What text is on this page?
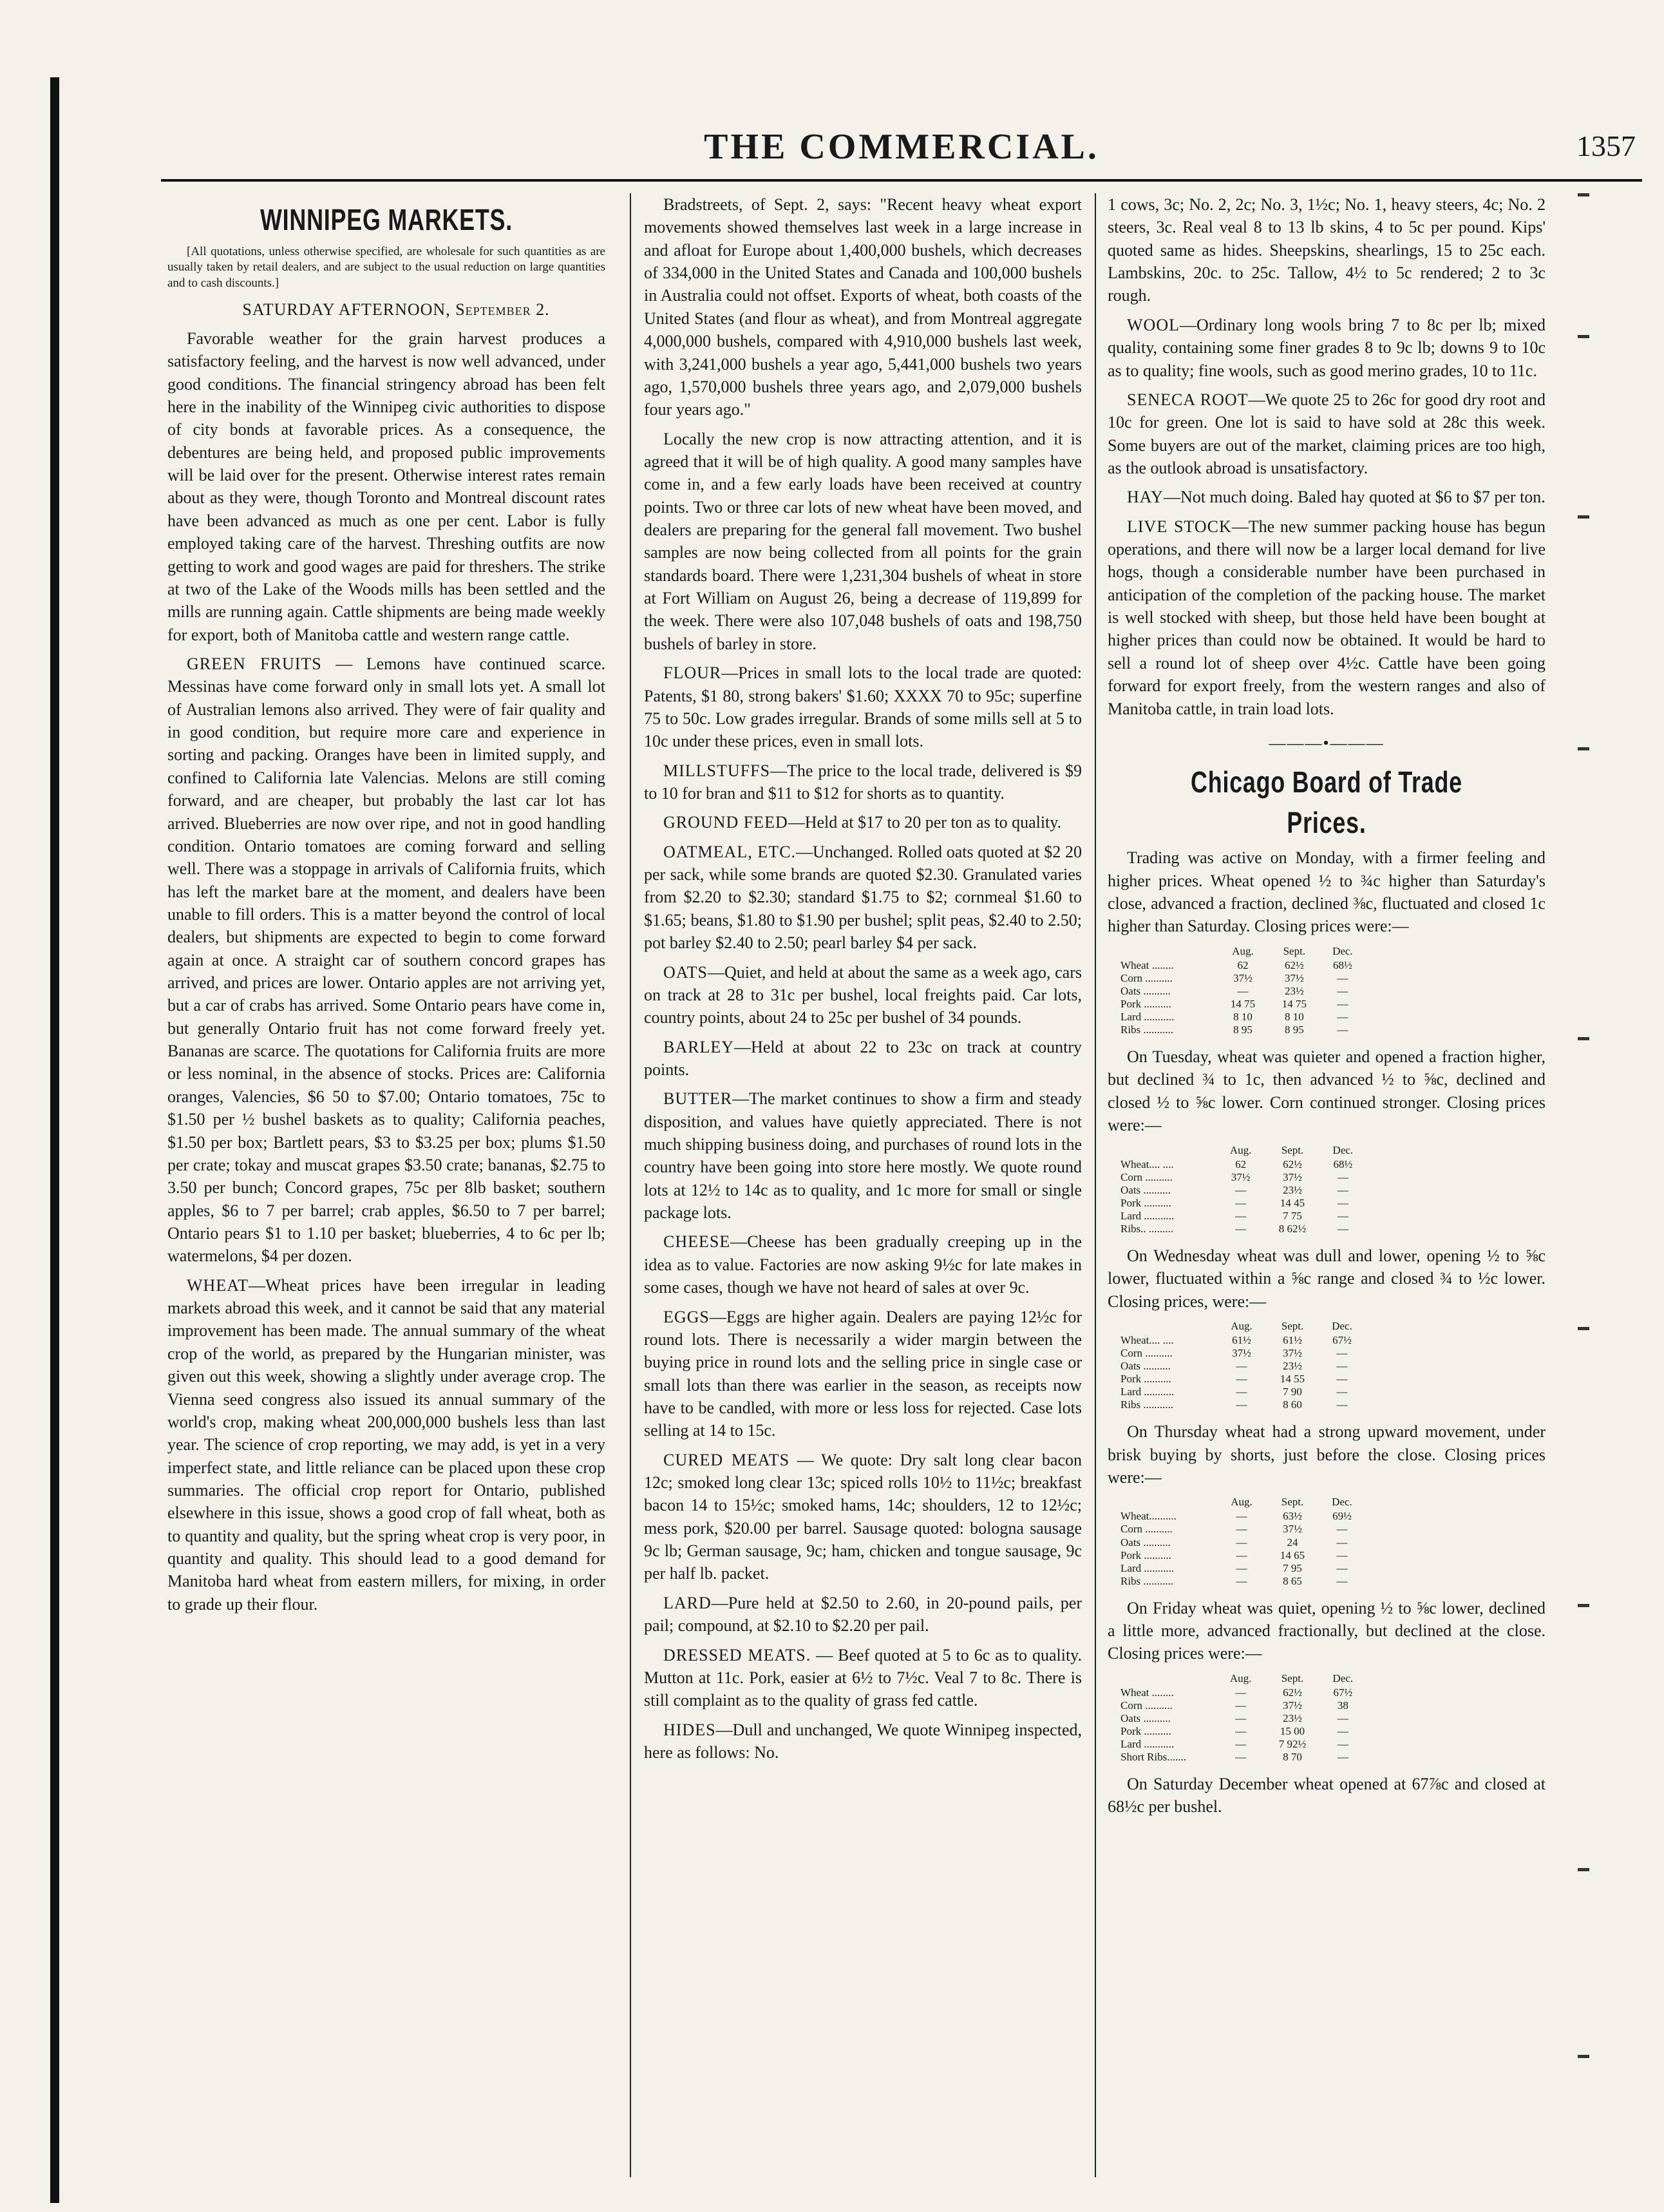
THE COMMERCIAL.	1357
WINNIPEG MARKETS.

[All quotations, unless otherwise specified, are wholesale for such quantities as are usually taken by retail dealers, and are subject to the usual reduction on large quantities and to cash discounts.]

SATURDAY AFTERNOON, September 2.

Favorable weather for the grain harvest produces a satisfactory feeling, and the harvest is now well advanced, under good conditions. The financial stringency abroad has been felt here in the inability of the Winnipeg civic authorities to dispose of city bonds at favorable prices. As a consequence, the debentures are being held, and proposed public improvements will be laid over for the present. Otherwise interest rates remain about as they were, though Toronto and Montreal discount rates have been advanced as much as one per cent. Labor is fully employed taking care of the harvest. Threshing outfits are now getting to work and good wages are paid for threshers. The strike at two of the Lake of the Woods mills has been settled and the mills are running again. Cattle shipments are being made weekly for export, both of Manitoba cattle and western range cattle.

GREEN FRUITS — Lemons have continued scarce. Messinas have come forward only in small lots yet. A small lot of Australian lemons also arrived. They were of fair quality and in good condition, but require more care and experience in sorting and packing. Oranges have been in limited supply, and confined to California late Valencias. Melons are still coming forward, and are cheaper, but probably the last car lot has arrived. Blueberries are now over ripe, and not in good handling condition. Ontario tomatoes are coming forward and selling well. There was a stoppage in arrivals of California fruits, which has left the market bare at the moment, and dealers have been unable to fill orders. This is a matter beyond the control of local dealers, but shipments are expected to begin to come forward again at once. A straight car of southern concord grapes has arrived, and prices are lower. Ontario apples are not arriving yet, but a car of crabs has arrived. Some Ontario pears have come in, but generally Ontario fruit has not come forward freely yet. Bananas are scarce. The quotations for California fruits are more or less nominal, in the absence of stocks. Prices are: California oranges, Valencies, $6 50 to $7.00; Ontario tomatoes, 75c to $1.50 per ½ bushel baskets as to quality; California peaches, $1.50 per box; Bartlett pears, $3 to $3.25 per box; plums $1.50 per crate; tokay and muscat grapes $3.50 crate; bananas, $2.75 to 3.50 per bunch; Concord grapes, 75c per 8lb basket; southern apples, $6 to 7 per barrel; crab apples, $6.50 to 7 per barrel; Ontario pears $1 to 1.10 per basket; blueberries, 4 to 6c per lb; watermelons, $4 per dozen.

WHEAT—Wheat prices have been irregular in leading markets abroad this week, and it cannot be said that any material improvement has been made. The annual summary of the wheat crop of the world, as prepared by the Hungarian minister, was given out this week, showing a slightly under average crop. The Vienna seed congress also issued its annual summary of the world's crop, making wheat 200,000,000 bushels less than last year. The science of crop reporting, we may add, is yet in a very imperfect state, and little reliance can be placed upon these crop summaries. The official crop report for Ontario, published elsewhere in this issue, shows a good crop of fall wheat, both as to quantity and quality, but the spring wheat crop is very poor, in quantity and quality. This should lead to a good demand for Manitoba hard wheat from eastern millers, for mixing, in order to grade up their flour.

Bradstreets, of Sept. 2, says: "Recent heavy wheat export movements showed themselves last week in a large increase in and afloat for Europe about 1,400,000 bushels, which decreases of 334,000 in the United States and Canada and 100,000 bushels in Australia could not offset. Exports of wheat, both coasts of the United States (and flour as wheat), and from Montreal aggregate 4,000,000 bushels, compared with 4,910,000 bushels last week, with 3,241,000 bushels a year ago, 5,441,000 bushels two years ago, 1,570,000 bushels three years ago, and 2,079,000 bushels four years ago."

Locally the new crop is now attracting attention, and it is agreed that it will be of high quality. A good many samples have come in, and a few early loads have been received at country points. Two or three car lots of new wheat have been moved, and dealers are preparing for the general fall movement. Two bushel samples are now being collected from all points for the grain standards board. There were 1,231,304 bushels of wheat in store at Fort William on August 26, being a decrease of 119,899 for the week. There were also 107,048 bushels of oats and 198,750 bushels of barley in store.

FLOUR—Prices in small lots to the local trade are quoted: Patents, $1 80, strong bakers' $1.60; XXXX 70 to 95c; superfine 75 to 50c. Low grades irregular. Brands of some mills sell at 5 to 10c under these prices, even in small lots.

MILLSTUFFS—The price to the local trade, delivered is $9 to 10 for bran and $11 to $12 for shorts as to quantity.

GROUND FEED—Held at $17 to 20 per ton as to quality.

OATMEAL, ETC.—Unchanged. Rolled oats quoted at $2 20 per sack, while some brands are quoted $2.30. Granulated varies from $2.20 to $2.30; standard $1.75 to $2; cornmeal $1.60 to $1.65; beans, $1.80 to $1.90 per bushel; split peas, $2.40 to 2.50; pot barley $2.40 to 2.50; pearl barley $4 per sack.

OATS—Quiet, and held at about the same as a week ago, cars on track at 28 to 31c per bushel, local freights paid. Car lots, country points, about 24 to 25c per bushel of 34 pounds.

BARLEY—Held at about 22 to 23c on track at country points.

BUTTER—The market continues to show a firm and steady disposition, and values have quietly appreciated. There is not much shipping business doing, and purchases of round lots in the country have been going into store here mostly. We quote round lots at 12½ to 14c as to quality, and 1c more for small or single package lots.

CHEESE—Cheese has been gradually creeping up in the idea as to value. Factories are now asking 9½c for late makes in some cases, though we have not heard of sales at over 9c.

EGGS—Eggs are higher again. Dealers are paying 12½c for round lots. There is necessarily a wider margin between the buying price in round lots and the selling price in single case or small lots than there was earlier in the season, as receipts now have to be candled, with more or less loss for rejected. Case lots selling at 14 to 15c.

CURED MEATS — We quote: Dry salt long clear bacon 12c; smoked long clear 13c; spiced rolls 10½ to 11½c; breakfast bacon 14 to 15½c; smoked hams, 14c; shoulders, 12 to 12½c; mess pork, $20.00 per barrel. Sausage quoted: bologna sausage 9c lb; German sausage, 9c; ham, chicken and tongue sausage, 9c per half lb. packet.

LARD—Pure held at $2.50 to 2.60, in 20-pound pails, per pail; compound, at $2.10 to $2.20 per pail.

DRESSED MEATS. — Beef quoted at 5 to 6c as to quality. Mutton at 11c. Pork, easier at 6½ to 7½c. Veal 7 to 8c. There is still complaint as to the quality of grass fed cattle.

HIDES—Dull and unchanged, We quote Winnipeg inspected, here as follows: No.

1 cows, 3c; No. 2, 2c; No. 3, 1½c; No. 1, heavy steers, 4c; No. 2 steers, 3c. Real veal 8 to 13 lb skins, 4 to 5c per pound. Kips' quoted same as hides. Sheepskins, shearlings, 15 to 25c each. Lambskins, 20c. to 25c. Tallow, 4½ to 5c rendered; 2 to 3c rough.

WOOL—Ordinary long wools bring 7 to 8c per lb; mixed quality, containing some finer grades 8 to 9c lb; downs 9 to 10c as to quality; fine wools, such as good merino grades, 10 to 11c.

SENECA ROOT—We quote 25 to 26c for good dry root and 10c for green. One lot is said to have sold at 28c this week. Some buyers are out of the market, claiming prices are too high, as the outlook abroad is unsatisfactory.

HAY—Not much doing. Baled hay quoted at $6 to $7 per ton.

LIVE STOCK—The new summer packing house has begun operations, and there will now be a larger local demand for live hogs, though a considerable number have been purchased in anticipation of the completion of the packing house. The market is well stocked with sheep, but those held have been bought at higher prices than could now be obtained. It would be hard to sell a round lot of sheep over 4½c. Cattle have been going forward for export freely, from the western ranges and also of Manitoba cattle, in train load lots.

———•———
Chicago Board of Trade Prices.

Trading was active on Monday, with a firmer feeling and higher prices. Wheat opened ½ to ¾c higher than Saturday's close, advanced a fraction, declined ⅜c, fluctuated and closed 1c higher than Saturday. Closing prices were:—

	Aug.	Sept.	Dec.
Wheat ........	62	62½	68½
Corn ..........	37½	37½	—
Oats ..........	—	23½	—
Pork ..........	14 75	14 75	—
Lard ...........	8 10	8 10	—
Ribs ...........	8 95	8 95	—

On Tuesday, wheat was quieter and opened a fraction higher, but declined ¾ to 1c, then advanced ½ to ⅝c, declined and closed ½ to ⅝c lower. Corn continued stronger. Closing prices were:—

	Aug.	Sept.	Dec.
Wheat.... ....	62	62½	68½
Corn ..........	37½	37½	—
Oats ..........	—	23½	—
Pork ..........	—	14 45	—
Lard ...........	—	7 75	—
Ribs.. .........	—	8 62½	—

On Wednesday wheat was dull and lower, opening ½ to ⅝c lower, fluctuated within a ⅝c range and closed ¾ to ½c lower. Closing prices, were:—

	Aug.	Sept.	Dec.
Wheat.... ....	61½	61½	67½
Corn ..........	37½	37½	—
Oats ..........	—	23½	—
Pork ..........	—	14 55	—
Lard ...........	—	7 90	—
Ribs ...........	—	8 60	—

On Thursday wheat had a strong upward movement, under brisk buying by shorts, just before the close. Closing prices were:—

	Aug.	Sept.	Dec.
Wheat..........	—	63½	69½
Corn ..........	—	37½	—
Oats ..........	—	24	—
Pork ..........	—	14 65	—
Lard ...........	—	7 95	—
Ribs ...........	—	8 65	—

On Friday wheat was quiet, opening ½ to ⅝c lower, declined a little more, advanced fractionally, but declined at the close. Closing prices were:—

	Aug.	Sept.	Dec.
Wheat ........	—	62½	67½
Corn ..........	—	37½	38
Oats ..........	—	23½	—
Pork ..........	—	15 00	—
Lard ...........	—	7 92½	—
Short Ribs.......	—	8 70	—

On Saturday December wheat opened at 67⅞c and closed at 68½c per bushel.
